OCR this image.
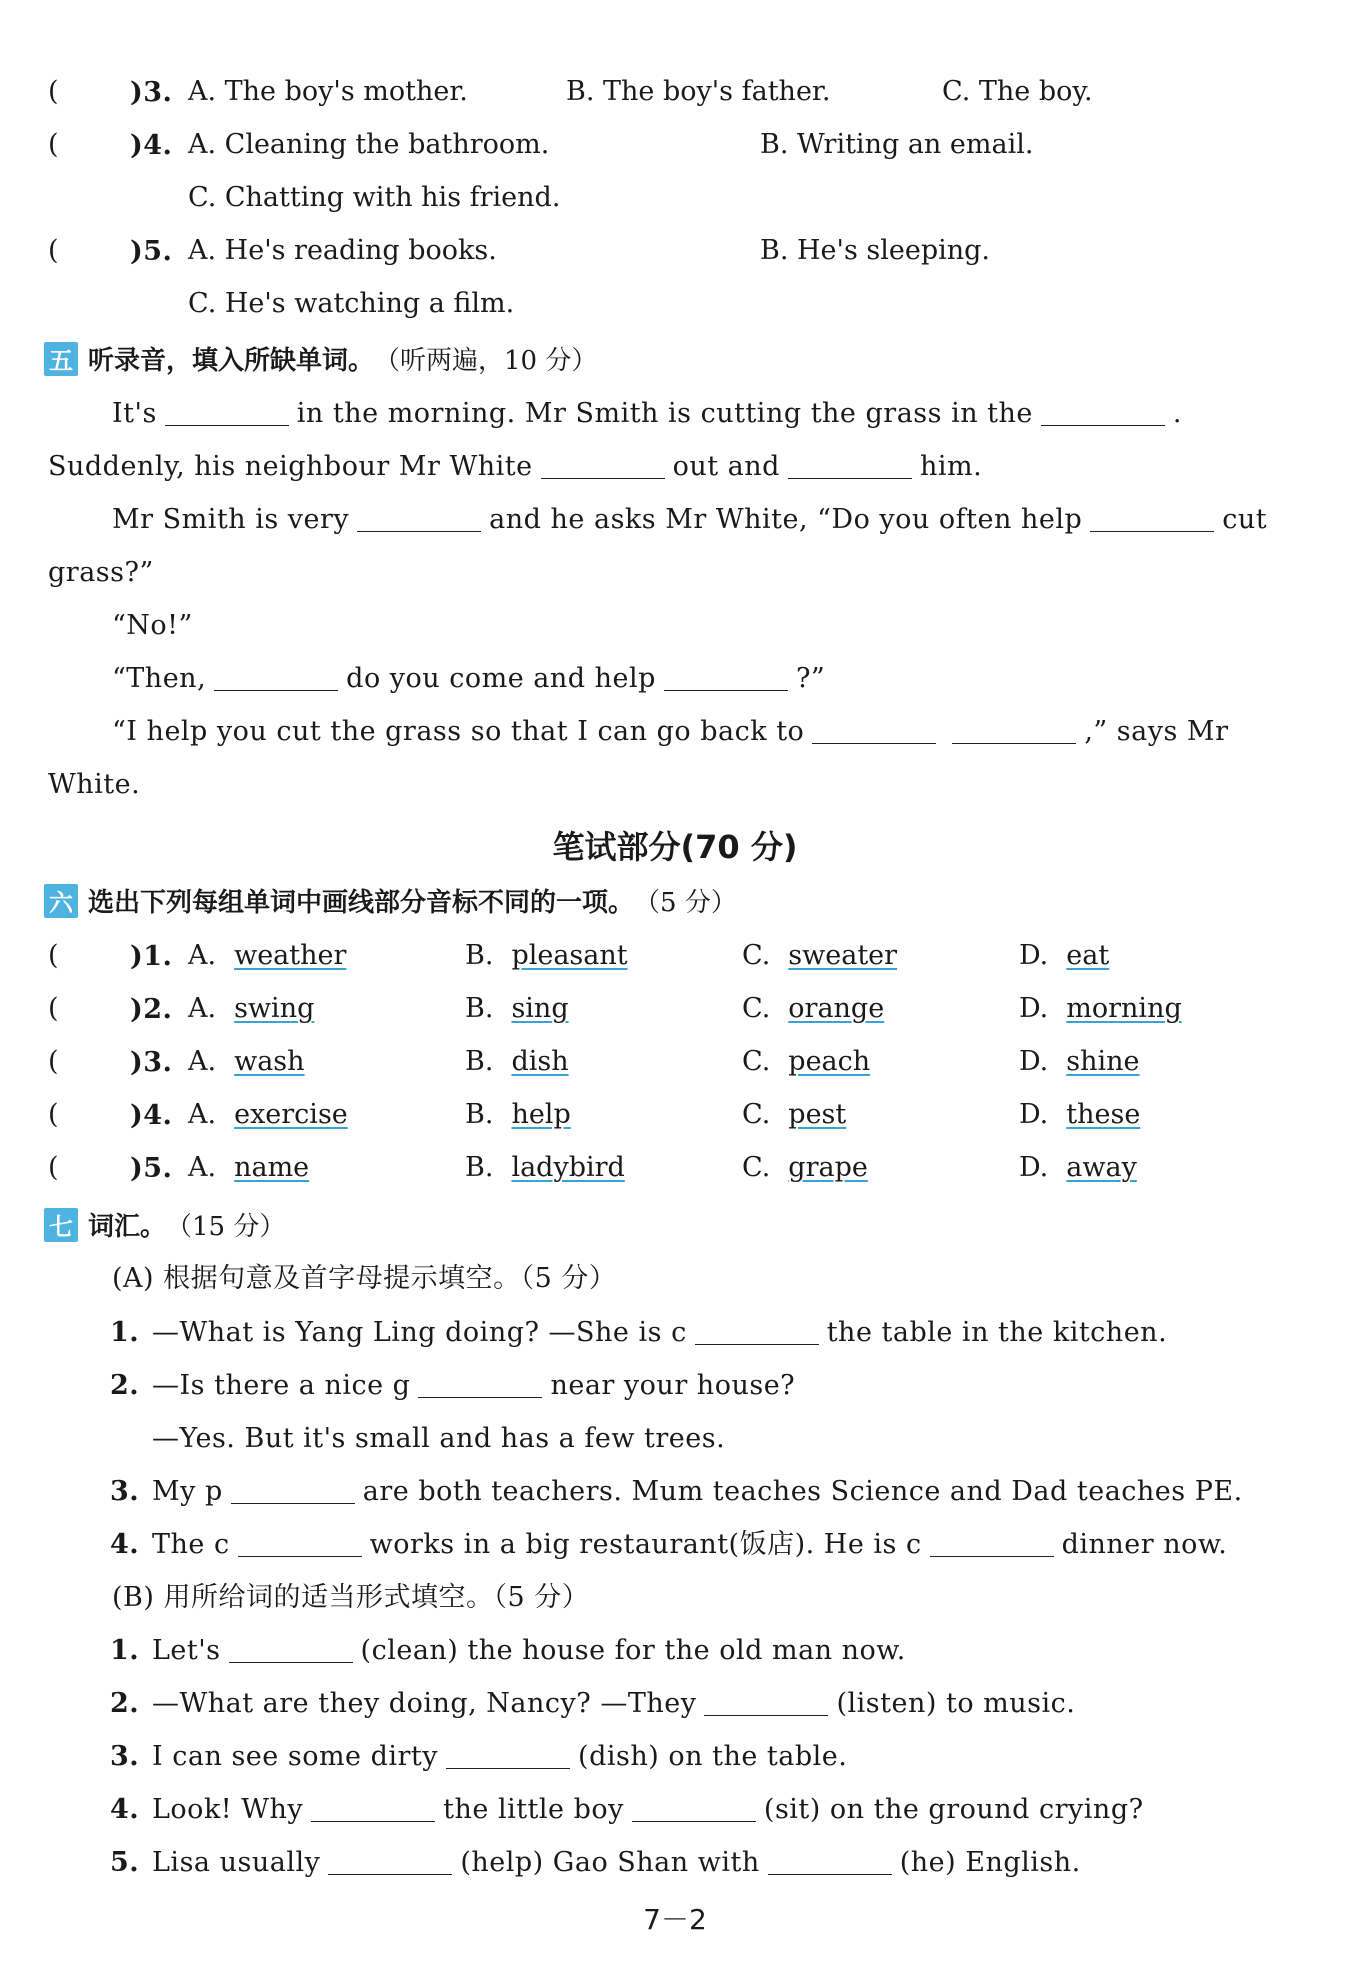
(	)3. A. The boy's mother.	B. The boy's father.	C. The boy.
(	)4. A. Cleaning the bathroom.	B. Writing an email.
C. Chatting with his friend.
(	)5. A. He's reading books.	B. He's sleeping.
C. He's watching a film.
五 听录音，填入所缺单词。 （听两遍，10 分）
It's	in the morning. Mr Smith is cutting the grass in the	.
Suddenly, his neighbour Mr White	out and	him.
Mr Smith is very	and he asks Mr White, “Do you often help	cut
grass?”
“No!”
“Then,	do you come and help	?”
“I help you cut the grass so that I can go back to	,” says Mr
White.
笔试部分(70 分)
六 选出下列每组单词中画线部分音标不同的一项。 （5 分）
(	)1. A. weather	B. pleasant	C. sweater	D. eat
(	)2. A. swing	B. sing	C. orange	D. morning
(	)3. A. wash	B. dish	C. peach	D. shine
(	)4. A. exercise	B. help	C. pest	D. these
(	)5. A. name	B. ladybird	C. grape	D. away
七 词汇。 （15 分）
(A) 根据句意及首字母提示填空。（5 分）
1. —What is Yang Ling doing? —She is c	the table in the kitchen.
2. —Is there a nice g	near your house?
—Yes. But it's small and has a few trees.
3. My p	are both teachers. Mum teaches Science and Dad teaches PE.
4. The c	works in a big restaurant(饭店). He is c	dinner now.
(B) 用所给词的适当形式填空。（5 分）
1. Let's	(clean) the house for the old man now.
2. —What are they doing, Nancy? —They	(listen) to music.
3. I can see some dirty	(dish) on the table.
4. Look! Why	the little boy	(sit) on the ground crying?
5. Lisa usually	(help) Gao Shan with	(he) English.
7－2
